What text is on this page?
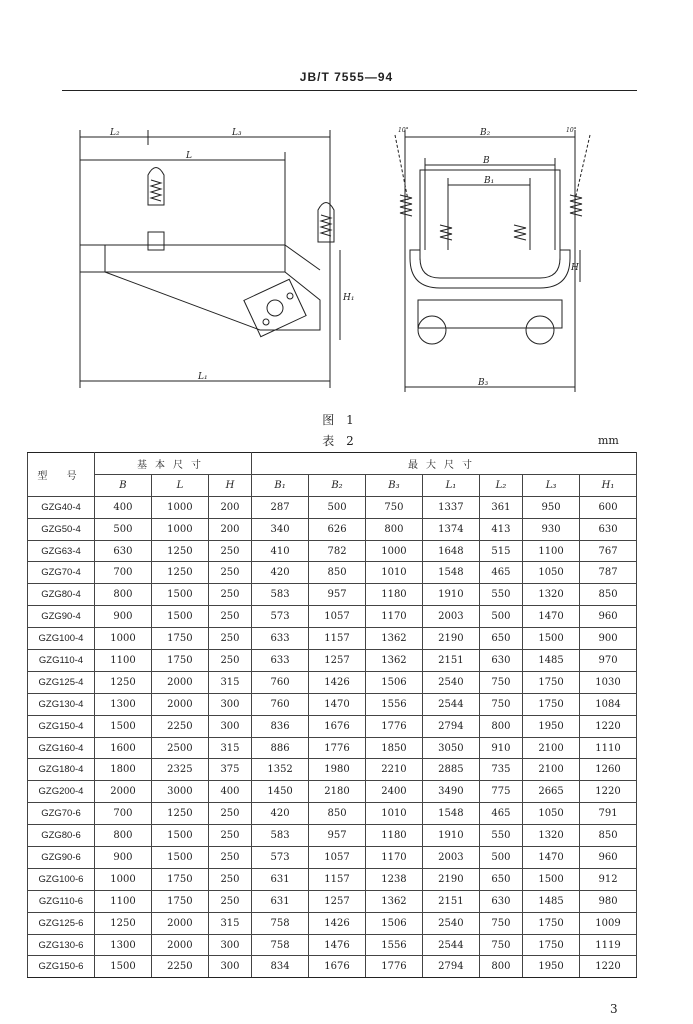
JB/T 7555—94
L₂	L₃
L
L₁
H₁
B₂
B
B₁
B₃
H
10°	10°
图 1
表 2	mm
型 号	基本尺寸			最大尺寸						
	B	L	H	B₁	B₂	B₃	L₁	L₂	L₃	H₁
GZG40-4	400	1000	200	287	500	750	1337	361	950	600
GZG50-4	500	1000	200	340	626	800	1374	413	930	630
GZG63-4	630	1250	250	410	782	1000	1648	515	1100	767
GZG70-4	700	1250	250	420	850	1010	1548	465	1050	787
GZG80-4	800	1500	250	583	957	1180	1910	550	1320	850
GZG90-4	900	1500	250	573	1057	1170	2003	500	1470	960
GZG100-4	1000	1750	250	633	1157	1362	2190	650	1500	900
GZG110-4	1100	1750	250	633	1257	1362	2151	630	1485	970
GZG125-4	1250	2000	315	760	1426	1506	2540	750	1750	1030
GZG130-4	1300	2000	300	760	1470	1556	2544	750	1750	1084
GZG150-4	1500	2250	300	836	1676	1776	2794	800	1950	1220
GZG160-4	1600	2500	315	886	1776	1850	3050	910	2100	1110
GZG180-4	1800	2325	375	1352	1980	2210	2885	735	2100	1260
GZG200-4	2000	3000	400	1450	2180	2400	3490	775	2665	1220
GZG70-6	700	1250	250	420	850	1010	1548	465	1050	791
GZG80-6	800	1500	250	583	957	1180	1910	550	1320	850
GZG90-6	900	1500	250	573	1057	1170	2003	500	1470	960
GZG100-6	1000	1750	250	631	1157	1238	2190	650	1500	912
GZG110-6	1100	1750	250	631	1257	1362	2151	630	1485	980
GZG125-6	1250	2000	315	758	1426	1506	2540	750	1750	1009
GZG130-6	1300	2000	300	758	1476	1556	2544	750	1750	1119
GZG150-6	1500	2250	300	834	1676	1776	2794	800	1950	1220
3
